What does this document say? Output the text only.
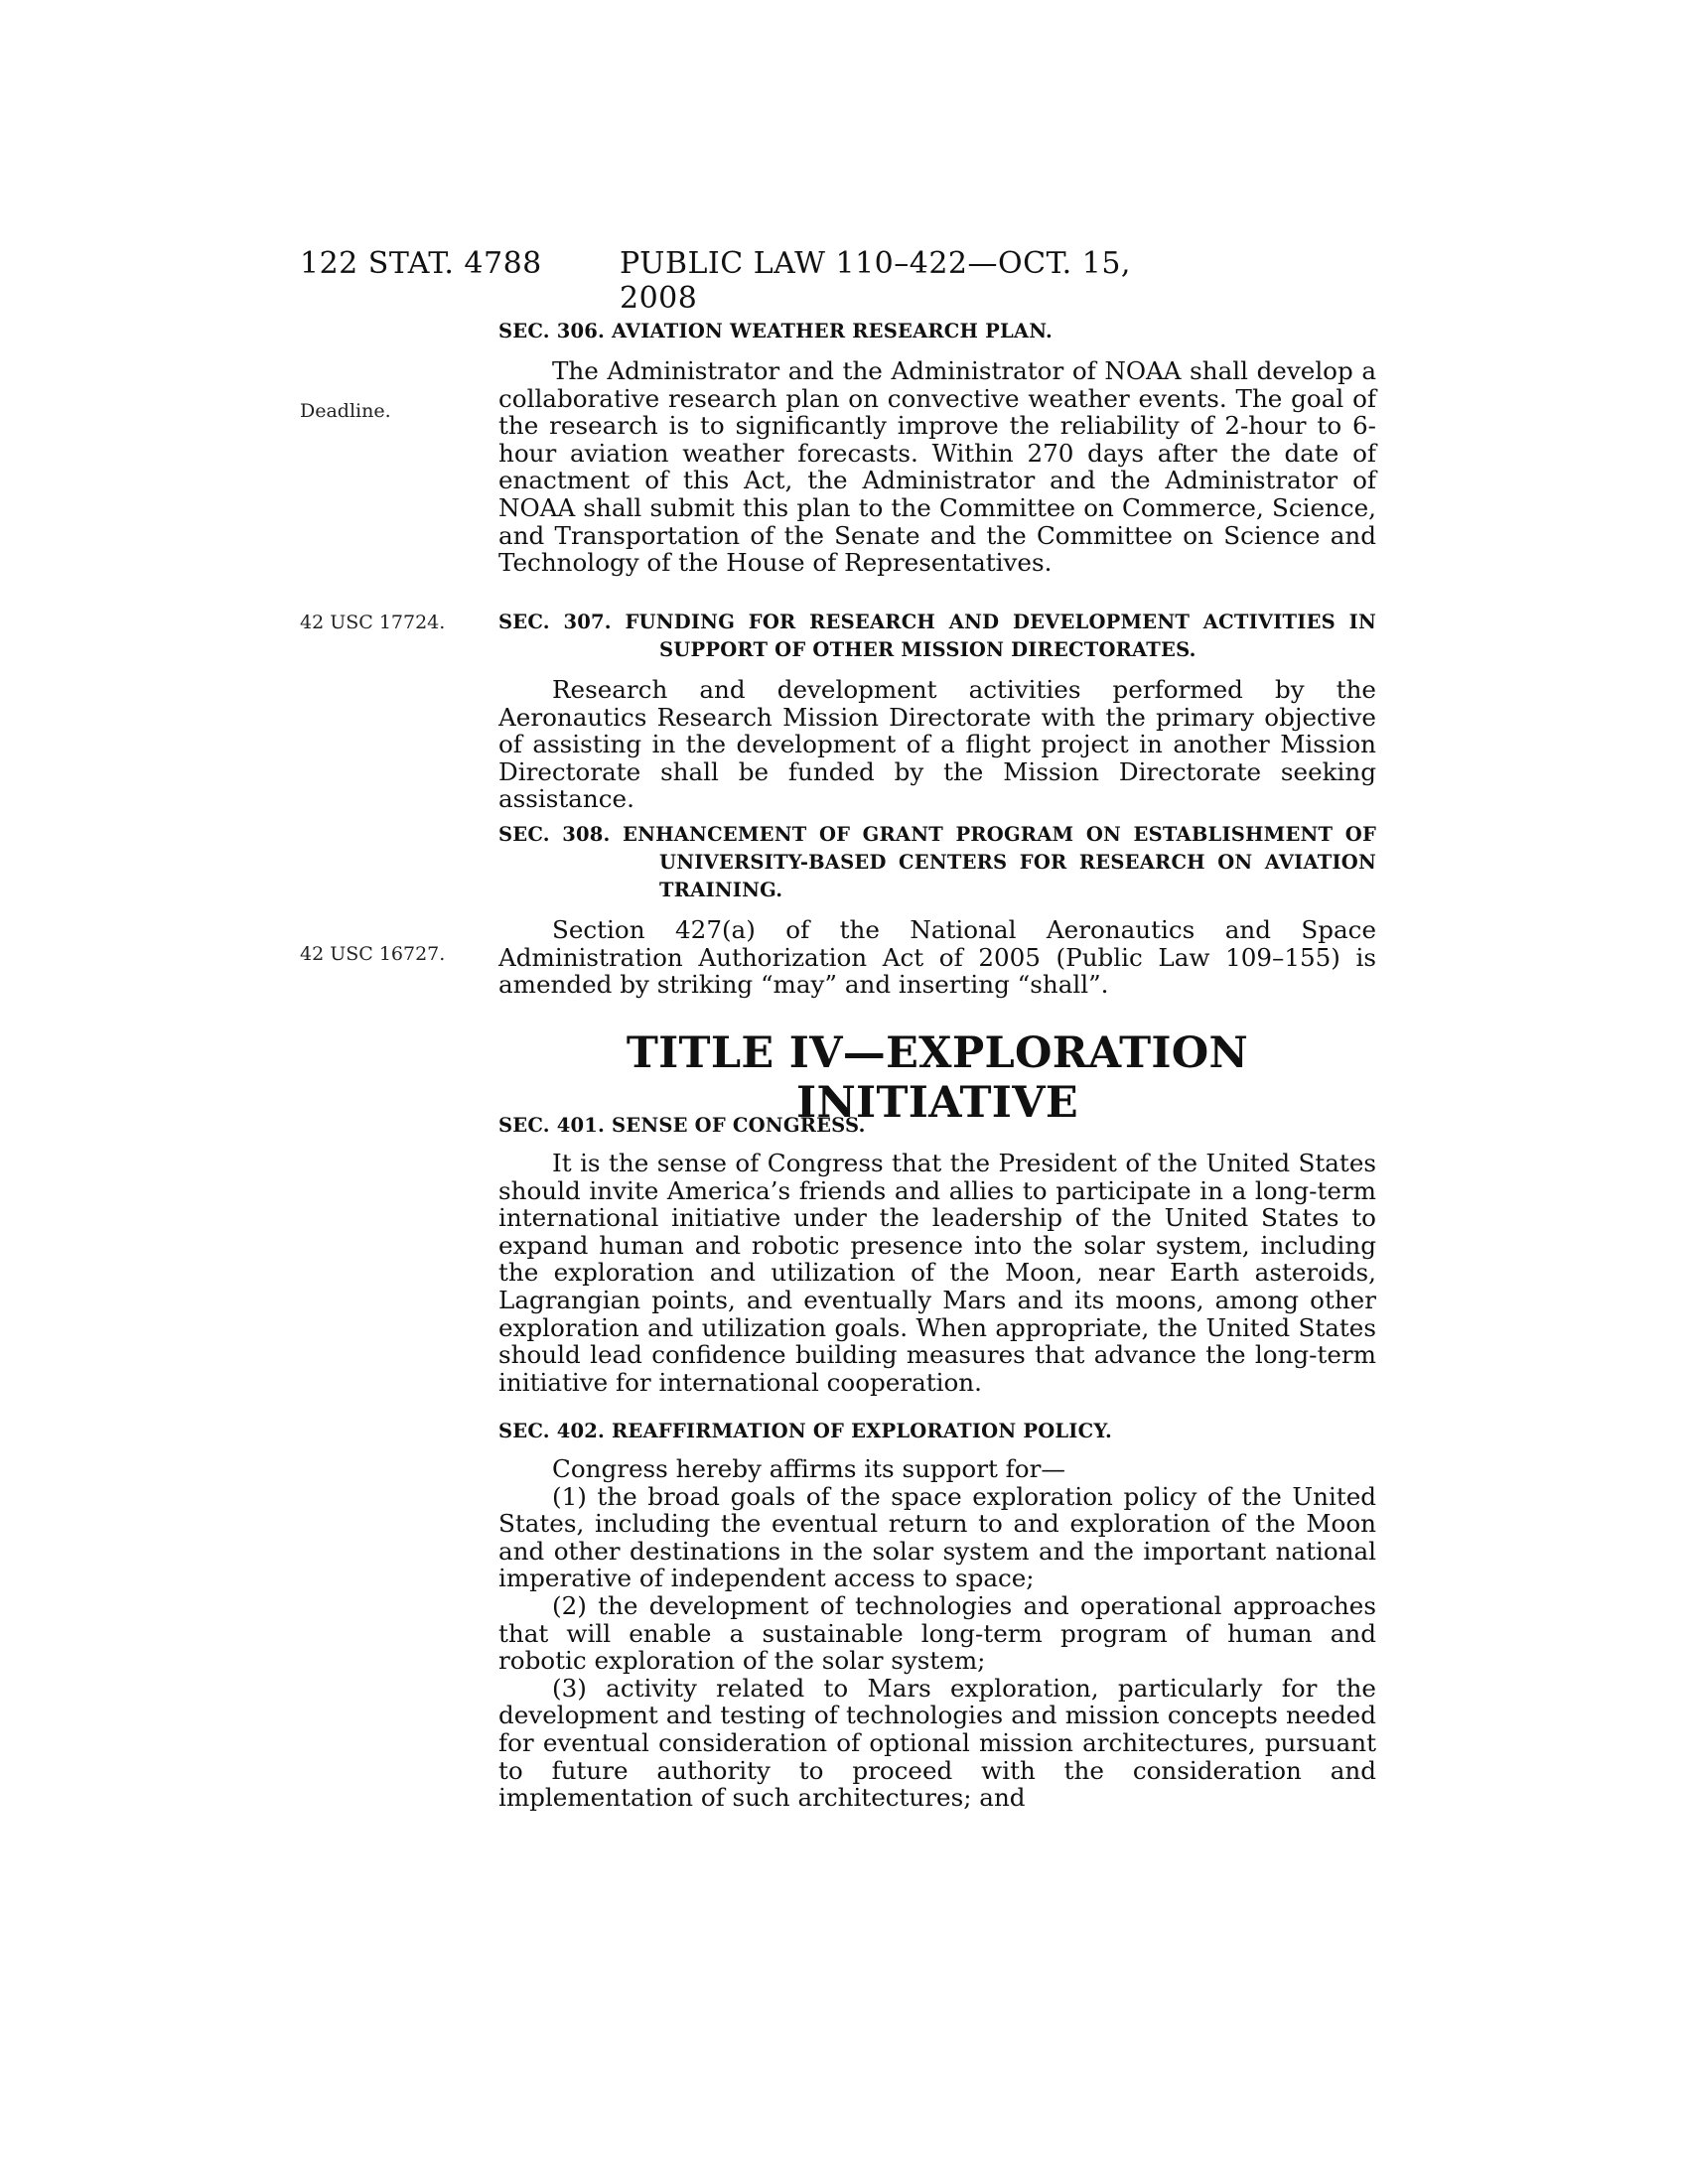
122 STAT. 4788	PUBLIC LAW 110–422—OCT. 15, 2008
Deadline.
42 USC 17724.
42 USC 16727.
SEC. 306. AVIATION WEATHER RESEARCH PLAN.

The Administrator and the Administrator of NOAA shall develop a collaborative research plan on convective weather events. The goal of the research is to significantly improve the reliability of 2-hour to 6-hour aviation weather forecasts. Within 270 days after the date of enactment of this Act, the Administrator and the Administrator of NOAA shall submit this plan to the Committee on Commerce, Science, and Transportation of the Senate and the Committee on Science and Technology of the House of Representatives.

SEC. 307. FUNDING FOR RESEARCH AND DEVELOPMENT ACTIVITIES IN SUPPORT OF OTHER MISSION DIRECTORATES.

Research and development activities performed by the Aeronautics Research Mission Directorate with the primary objective of assisting in the development of a flight project in another Mission Directorate shall be funded by the Mission Directorate seeking assistance.

SEC. 308. ENHANCEMENT OF GRANT PROGRAM ON ESTABLISHMENT OF UNIVERSITY-BASED CENTERS FOR RESEARCH ON AVIATION TRAINING.

Section 427(a) of the National Aeronautics and Space Administration Authorization Act of 2005 (Public Law 109–155) is amended by striking “may” and inserting “shall”.

TITLE IV—EXPLORATION INITIATIVE
SEC. 401. SENSE OF CONGRESS.

It is the sense of Congress that the President of the United States should invite America’s friends and allies to participate in a long-term international initiative under the leadership of the United States to expand human and robotic presence into the solar system, including the exploration and utilization of the Moon, near Earth asteroids, Lagrangian points, and eventually Mars and its moons, among other exploration and utilization goals. When appropriate, the United States should lead confidence building measures that advance the long-term initiative for international cooperation.

SEC. 402. REAFFIRMATION OF EXPLORATION POLICY.

Congress hereby affirms its support for—

(1) the broad goals of the space exploration policy of the United States, including the eventual return to and exploration of the Moon and other destinations in the solar system and the important national imperative of independent access to space;

(2) the development of technologies and operational approaches that will enable a sustainable long-term program of human and robotic exploration of the solar system;

(3) activity related to Mars exploration, particularly for the development and testing of technologies and mission concepts needed for eventual consideration of optional mission architectures, pursuant to future authority to proceed with the consideration and implementation of such architectures; and
